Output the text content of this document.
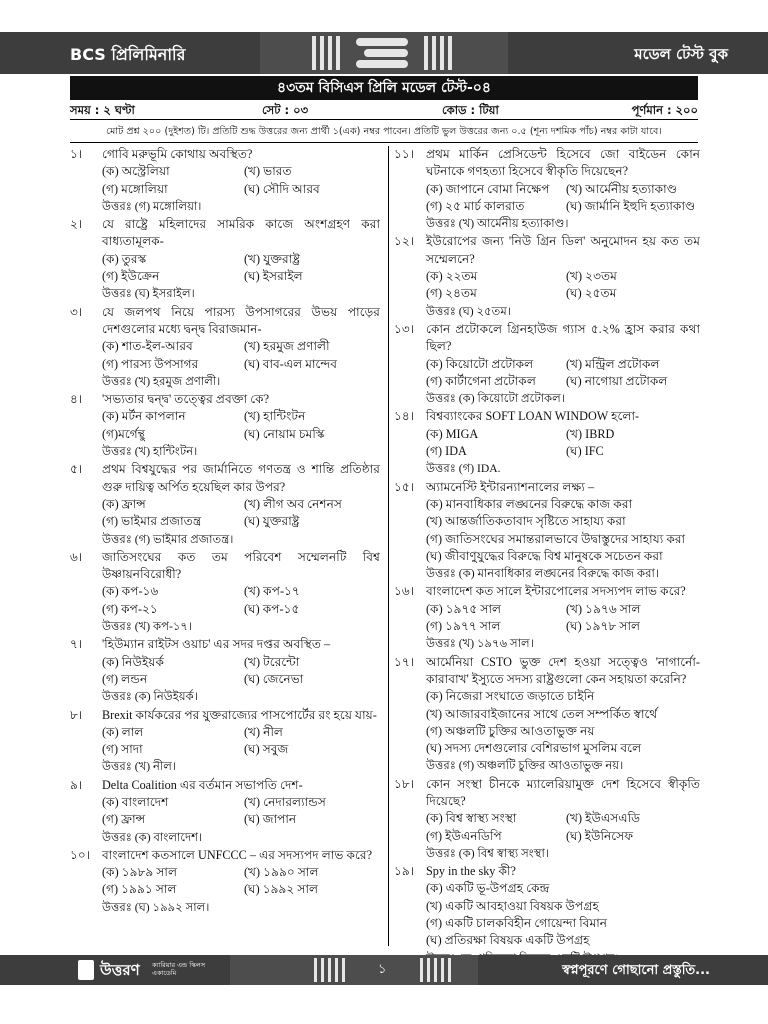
BCS প্রিলিমিনারি	মডেল টেস্ট বুক
৪৩তম বিসিএস প্রিলি মডেল টেস্ট-০৪
সময় : ২ ঘণ্টা	সেট : ০৩	কোড : টিয়া	পূর্ণমান : ২০০
মোট প্রশ্ন ২০০ (দুইশত) টি। প্রতিটি শুদ্ধ উত্তরের জন্য প্রার্থী ১(এক) নম্বর পাবেন। প্রতিটি ভুল উত্তরের জন্য ০.৫ (শূন্য দশমিক পাঁচ) নম্বর কাটা যাবে।
১।	গোবি মরুভূমি কোথায় অবস্থিত?
(ক) অস্ট্রেলিয়া	(খ) ভারত
(গ) মঙ্গোলিয়া	(ঘ) সৌদি আরব
উত্তরঃ (গ) মঙ্গোলিয়া।
২।	যে রাষ্ট্রে মহিলাদের সামরিক কাজে অংশগ্রহণ করা বাধ্যতামূলক-
(ক) তুরস্ক	(খ) যুক্তরাষ্ট্র
(গ) ইউক্রেন	(ঘ) ইসরাইল
উত্তরঃ (ঘ) ইসরাইল।
৩।	যে জলপথ নিয়ে পারস্য উপসাগরের উভয় পাড়ের দেশগুলোর মধ্যে দ্বন্দ্ব বিরাজমান-
(ক) শাত-ইল-আরব	(খ) হরমুজ প্রণালী
(গ) পারস্য উপসাগর	(ঘ) বাব-এল মান্দেব
উত্তরঃ (খ) হরমুজ প্রণালী।
৪।	'সভ্যতার দ্বন্দ্ব' তত্ত্বের প্রবক্তা কে?
(ক) মর্টন কাপলান	(খ) হান্টিংটন
(গ)মর্গেন্থু	(ঘ) নোয়াম চমস্কি
উত্তরঃ (খ) হান্টিংটন।
৫।	প্রথম বিশ্বযুদ্ধের পর জার্মানিতে গণতন্ত্র ও শান্তি প্রতিষ্ঠার গুরু দায়িত্ব অর্পিত হয়েছিল কার উপর?
(ক) ফ্রান্স	(খ) লীগ অব নেশনস
(গ) ভাইমার প্রজাতন্ত্র	(ঘ) যুক্তরাষ্ট্র
উত্তরঃ (গ) ভাইমার প্রজাতন্ত্র।
৬।	জাতিসংঘের কত তম পরিবেশ সম্মেলনটি বিশ্ব উষ্ণায়নবিরোধী?
(ক) কপ-১৬	(খ) কপ-১৭
(গ) কপ-২১	(ঘ) কপ-১৫
উত্তরঃ (খ) কপ-১৭।
৭।	'হিউম্যান রাইটস ওয়াচ' এর সদর দপ্তর অবস্থিত –
(ক) নিউইয়র্ক	(খ) টরেন্টো
(গ) লন্ডন	(ঘ) জেনেভা
উত্তরঃ (ক) নিউইয়র্ক।
৮।	Brexit কার্যকরের পর যুক্তরাজ্যের পাসপোর্টের রং হয়ে যায়-
(ক) লাল	(খ) নীল
(গ) সাদা	(ঘ) সবুজ
উত্তরঃ (খ) নীল।
৯।	Delta Coalition এর বর্তমান সভাপতি দেশ-
(ক) বাংলাদেশ	(খ) নেদারল্যান্ডস
(গ) ফ্রান্স	(ঘ) জাপান
উত্তরঃ (ক) বাংলাদেশ।
১০। বাংলাদেশ কতসালে UNFCCC – এর সদস্যপদ লাভ করে?
(ক) ১৯৮৯ সাল	(খ) ১৯৯০ সাল
(গ) ১৯৯১ সাল	(ঘ) ১৯৯২ সাল
উত্তরঃ (ঘ) ১৯৯২ সাল।
১১। প্রথম মার্কিন প্রেসিডেন্ট হিসেবে জো বাইডেন কোন ঘটনাকে গণহত্যা হিসেবে স্বীকৃতি দিয়েছেন?
(ক) জাপানে বোমা নিক্ষেপ	(খ) আর্মেনীয় হত্যাকাণ্ড
(গ) ২৫ মার্চ কালরাত	(ঘ) জার্মানি ইহুদি হত্যাকাণ্ড
উত্তরঃ (খ) আর্মেনীয় হত্যাকাণ্ড।
১২। ইউরোপের জন্য 'নিউ গ্রিন ডিল' অনুমোদন হয় কত তম সম্মেলনে?
(ক) ২২তম	(খ) ২৩তম
(গ) ২৪তম	(ঘ) ২৫তম
উত্তরঃ (ঘ) ২৫তম।
১৩। কোন প্রটোকলে গ্রিনহাউজ গ্যাস ৫.২% হ্রাস করার কথা ছিল?
(ক) কিয়োটো প্রটোকল	(খ) মন্ট্রিল প্রটোকল
(গ) কার্টাগেনা প্রটোকল	(ঘ) নাগোয়া প্রটোকল
উত্তরঃ (ক) কিয়োটো প্রটোকল।
১৪। বিশ্বব্যাংকের SOFT LOAN WINDOW হলো-
(ক) MIGA	(খ) IBRD
(গ) IDA	(ঘ) IFC
উত্তরঃ (গ) IDA.
১৫। অ্যামনেস্টি ইন্টারন্যাশনালের লক্ষ্য –
(ক) মানবাধিকার লঙ্ঘনের বিরুদ্ধে কাজ করা
(খ) আন্তর্জাতিকতাবাদ সৃষ্টিতে সাহায্য করা
(গ) জাতিসংঘের সমান্তরালভাবে উদ্বাস্তুদের সাহায্য করা
(ঘ) জীবাণুযুদ্ধের বিরুদ্ধে বিশ্ব মানুষকে সচেতন করা
উত্তরঃ (ক) মানবাধিকার লঙ্ঘনের বিরুদ্ধে কাজ করা।
১৬। বাংলাদেশ কত সালে ইন্টারপোলের সদস্যপদ লাভ করে?
(ক) ১৯৭৫ সাল	(খ) ১৯৭৬ সাল
(গ) ১৯৭৭ সাল	(ঘ) ১৯৭৮ সাল
উত্তরঃ (খ) ১৯৭৬ সাল।
১৭। আর্মেনিয়া CSTO ভুক্ত দেশ হওয়া সত্ত্বেও 'নাগার্নো-কারাবাখ' ইস্যুতে সদস্য রাষ্ট্রগুলো কেন সহায়তা করেনি?
(ক) নিজেরা সংঘাতে জড়াতে চাইনি
(খ) আজারবাইজানের সাথে তেল সম্পর্কিত স্বার্থে
(গ) অঞ্চলটি চুক্তির আওতাভুক্ত নয়
(ঘ) সদস্য দেশগুলোর বেশিরভাগ মুসলিম বলে
উত্তরঃ (গ) অঞ্চলটি চুক্তির আওতাভুক্ত নয়।
১৮। কোন সংস্থা চীনকে ম্যালেরিয়ামুক্ত দেশ হিসেবে স্বীকৃতি দিয়েছে?
(ক) বিশ্ব স্বাস্থ্য সংস্থা	(খ) ইউএসএডি
(গ) ইউএনডিপি	(ঘ) ইউনিসেফ
উত্তরঃ (ক) বিশ্ব স্বাস্থ্য সংস্থা।
১৯। Spy in the sky কী?
(ক) একটি ভূ-উপগ্রহ কেন্দ্র
(খ) একটি আবহাওয়া বিষয়ক উপগ্রহ
(গ) একটি চালকবিহীন গোয়েন্দা বিমান
(ঘ) প্রতিরক্ষা বিষয়ক একটি উপগ্রহ
উত্তরণ ক্যারিয়ার এন্ড স্কিলস একাডেমি	১	স্বপ্নপূরণে গোছানো প্রস্তুতি...
